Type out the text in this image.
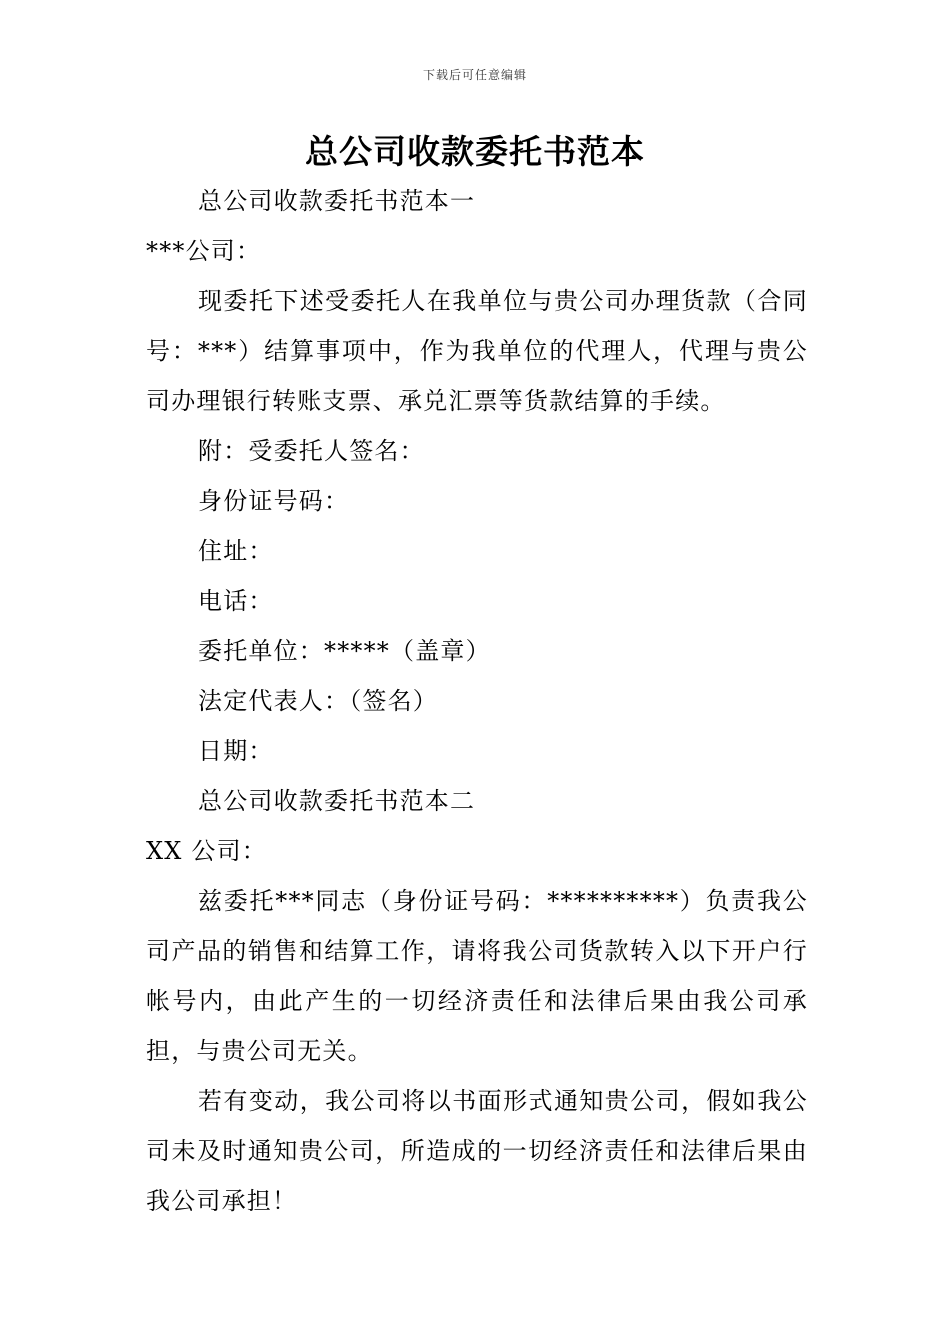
下载后可任意编辑
总公司收款委托书范本

总公司收款委托书范本一

***公司：

现委托下述受委托人在我单位与贵公司办理货款（合同号：***）结算事项中，作为我单位的代理人，代理与贵公司办理银行转账支票、承兑汇票等货款结算的手续。

附：受委托人签名：

身份证号码：

住址：

电话：

委托单位：*****（盖章）

法定代表人：（签名）

日期：

总公司收款委托书范本二

XX 公司：

兹委托***同志（身份证号码：**********）负责我公司产品的销售和结算工作，请将我公司货款转入以下开户行帐号内，由此产生的一切经济责任和法律后果由我公司承担，与贵公司无关。

若有变动，我公司将以书面形式通知贵公司，假如我公司未及时通知贵公司，所造成的一切经济责任和法律后果由我公司承担！
